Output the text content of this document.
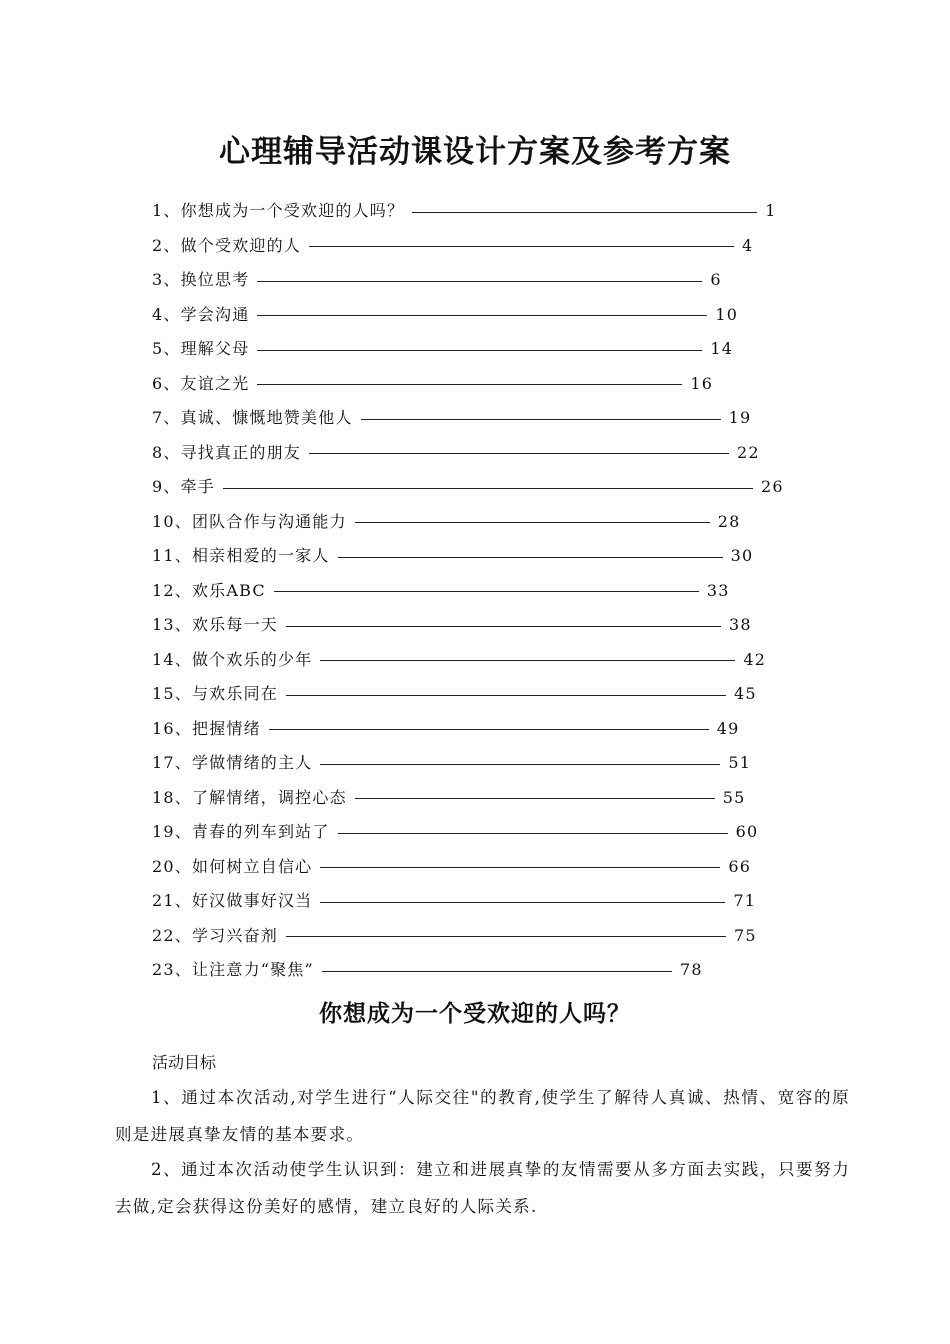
心理辅导活动课设计方案及参考方案
1、 你想成为一个受欢迎的人吗？	1
2、 做个受欢迎的人	4
3、 换位思考	6
4、 学会沟通	10
5、 理解父母	14
6、 友谊之光	16
7、 真诚、慷慨地赞美他人	19
8、 寻找真正的朋友	22
9、 牵手	26
10、 团队合作与沟通能力	28
11、 相亲相爱的一家人	30
12、 欢乐ABC	33
13、 欢乐每一天	38
14、 做个欢乐的少年	42
15、 与欢乐同在	45
16、 把握情绪	49
17、 学做情绪的主人	51
18、 了解情绪，调控心态	55
19、 青春的列车到站了	60
20、 如何树立自信心	66
21、 好汉做事好汉当	71
22、 学习兴奋剂	75
23、 让注意力“聚焦”	78
你想成为一个受欢迎的人吗？

活动目标

1、通过本次活动,对学生进行“人际交往"的教育,使学生了解待人真诚、热情、宽容的原则是进展真挚友情的基本要求。

2、通过本次活动使学生认识到：建立和进展真挚的友情需要从多方面去实践，只要努力去做,定会获得这份美好的感情，建立良好的人际关系.
